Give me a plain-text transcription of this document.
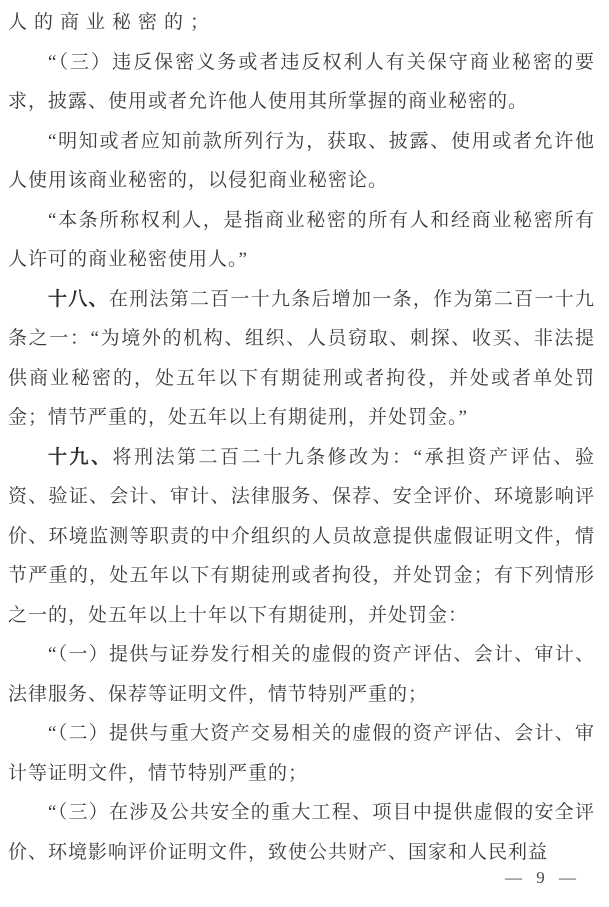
人的商业秘密的；

“（三）违反保密义务或者违反权利人有关保守商业秘密的要求，披露、使用或者允许他人使用其所掌握的商业秘密的。

“明知或者应知前款所列行为，获取、披露、使用或者允许他人使用该商业秘密的，以侵犯商业秘密论。

“本条所称权利人，是指商业秘密的所有人和经商业秘密所有人许可的商业秘密使用人。”

十八、在刑法第二百一十九条后增加一条，作为第二百一十九条之一：“为境外的机构、组织、人员窃取、刺探、收买、非法提供商业秘密的，处五年以下有期徒刑或者拘役，并处或者单处罚金；情节严重的，处五年以上有期徒刑，并处罚金。”

十九、将刑法第二百二十九条修改为：“承担资产评估、验资、验证、会计、审计、法律服务、保荐、安全评价、环境影响评价、环境监测等职责的中介组织的人员故意提供虚假证明文件，情节严重的，处五年以下有期徒刑或者拘役，并处罚金；有下列情形之一的，处五年以上十年以下有期徒刑，并处罚金：

“（一）提供与证券发行相关的虚假的资产评估、会计、审计、法律服务、保荐等证明文件，情节特别严重的；

“（二）提供与重大资产交易相关的虚假的资产评估、会计、审计等证明文件，情节特别严重的；

“（三）在涉及公共安全的重大工程、项目中提供虚假的安全评价、环境影响评价证明文件，致使公共财产、国家和人民利益

— 9 —
